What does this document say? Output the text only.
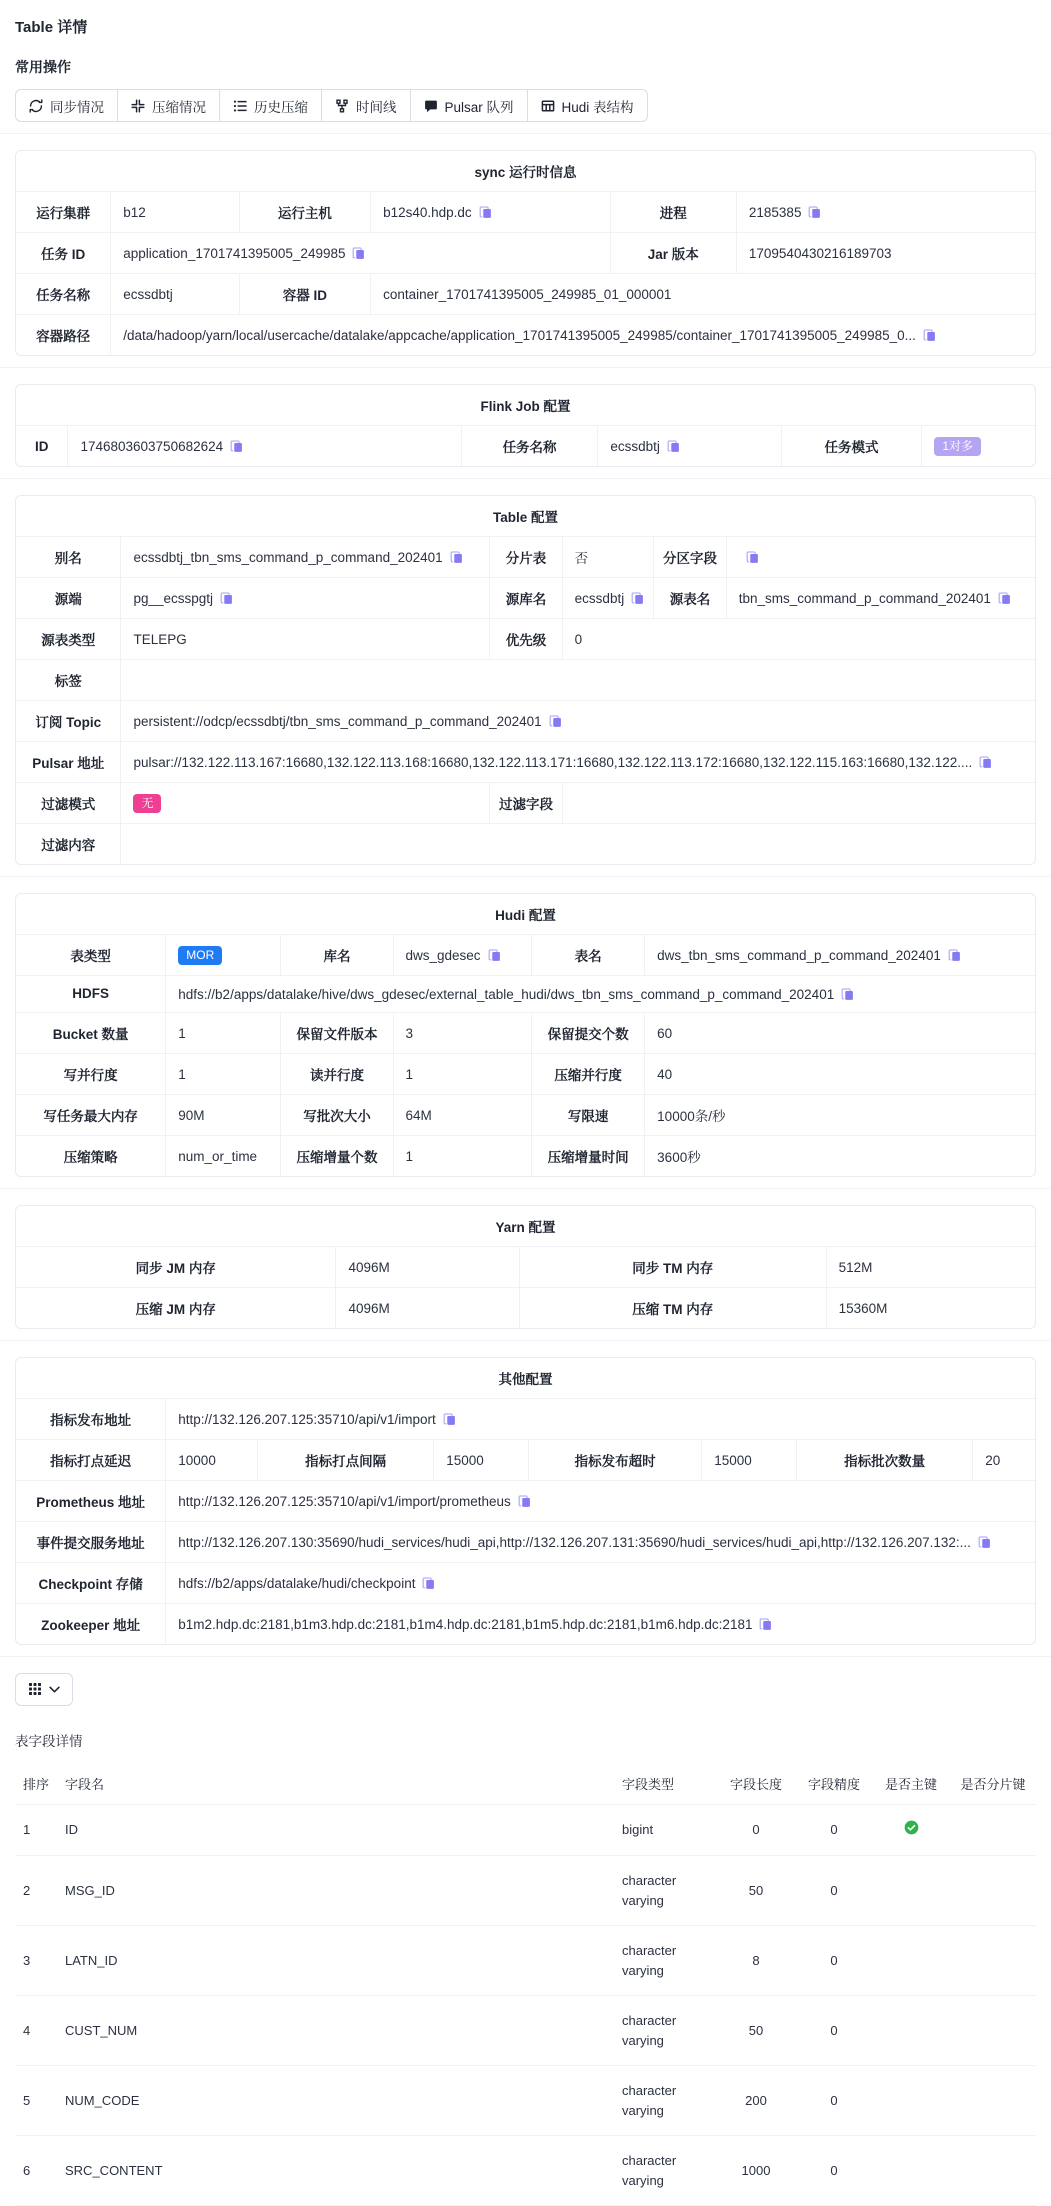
Table 详情
常用操作
同步情况	压缩情况	历史压缩	时间线	Pulsar 队列	Hudi 表结构
sync 运行时信息					
运行集群	b12	运行主机	b12s40.hdp.dc	进程	2185385

任务 ID	application_1701741395005_249985			Jar 版本	1709540430216189703
任务名称	ecssdbtj	容器 ID	container_1701741395005_249985_01_000001		
容器路径	/data/hadoop/yarn/local/usercache/datalake/appcache/application_1701741395005_249985/container_1701741395005_249985_0...				
Flink Job 配置
ID	1746803603750682624	任务名称	ecssdbtj	任务模式	1对多
Table 配置					
别名	ecssdbtj_tbn_sms_command_p_command_202401	分片表	否	分区字段	

源端	pg__ecsspgtj	源库名	ecssdbtj	源表名	tbn_sms_command_p_command_202401

源表类型	TELEPG	优先级	0		
标签					
订阅 Topic	persistent://odcp/ecssdbtj/tbn_sms_command_p_command_202401				

Pulsar 地址	pulsar://132.122.113.167:16680,132.122.113.168:16680,132.122.113.171:16680,132.122.113.172:16680,132.122.115.163:16680,132.122....				

过滤模式	无	过滤字段			
过滤内容					
Hudi 配置					
表类型	MOR	库名	dws_gdesec	表名	dws_tbn_sms_command_p_command_202401

HDFS	hdfs://b2/apps/datalake/hive/dws_gdesec/external_table_hudi/dws_tbn_sms_command_p_command_202401				

Bucket 数量	1	保留文件版本	3	保留提交个数	60
写并行度	1	读并行度	1	压缩并行度	40
写任务最大内存	90M	写批次大小	64M	写限速	10000条/秒
压缩策略	num_or_time	压缩增量个数	1	压缩增量时间	3600秒
Yarn 配置			
同步 JM 内存	4096M	同步 TM 内存	512M
压缩 JM 内存	4096M	压缩 TM 内存	15360M
其他配置							
指标发布地址	http://132.126.207.125:35710/api/v1/import						

指标打点延迟	10000	指标打点间隔	15000	指标发布超时	15000	指标批次数量	20
Prometheus 地址	http://132.126.207.125:35710/api/v1/import/prometheus						

事件提交服务地址	http://132.126.207.130:35690/hudi_services/hudi_api,http://132.126.207.131:35690/hudi_services/hudi_api,http://132.126.207.132:...						

Checkpoint 存储	hdfs://b2/apps/datalake/hudi/checkpoint						

Zookeeper 地址	b1m2.hdp.dc:2181,b1m3.hdp.dc:2181,b1m4.hdp.dc:2181,b1m5.hdp.dc:2181,b1m6.hdp.dc:2181						
表字段详情
排序	字段名	字段类型	字段长度	字段精度	是否主键	是否分片键
1	ID	bigint	0	0		
2	MSG_ID	character varying	50	0		
3	LATN_ID	character varying	8	0		
4	CUST_NUM	character varying	50	0		
5	NUM_CODE	character varying	200	0		
6	SRC_CONTENT	character varying	1000	0		
